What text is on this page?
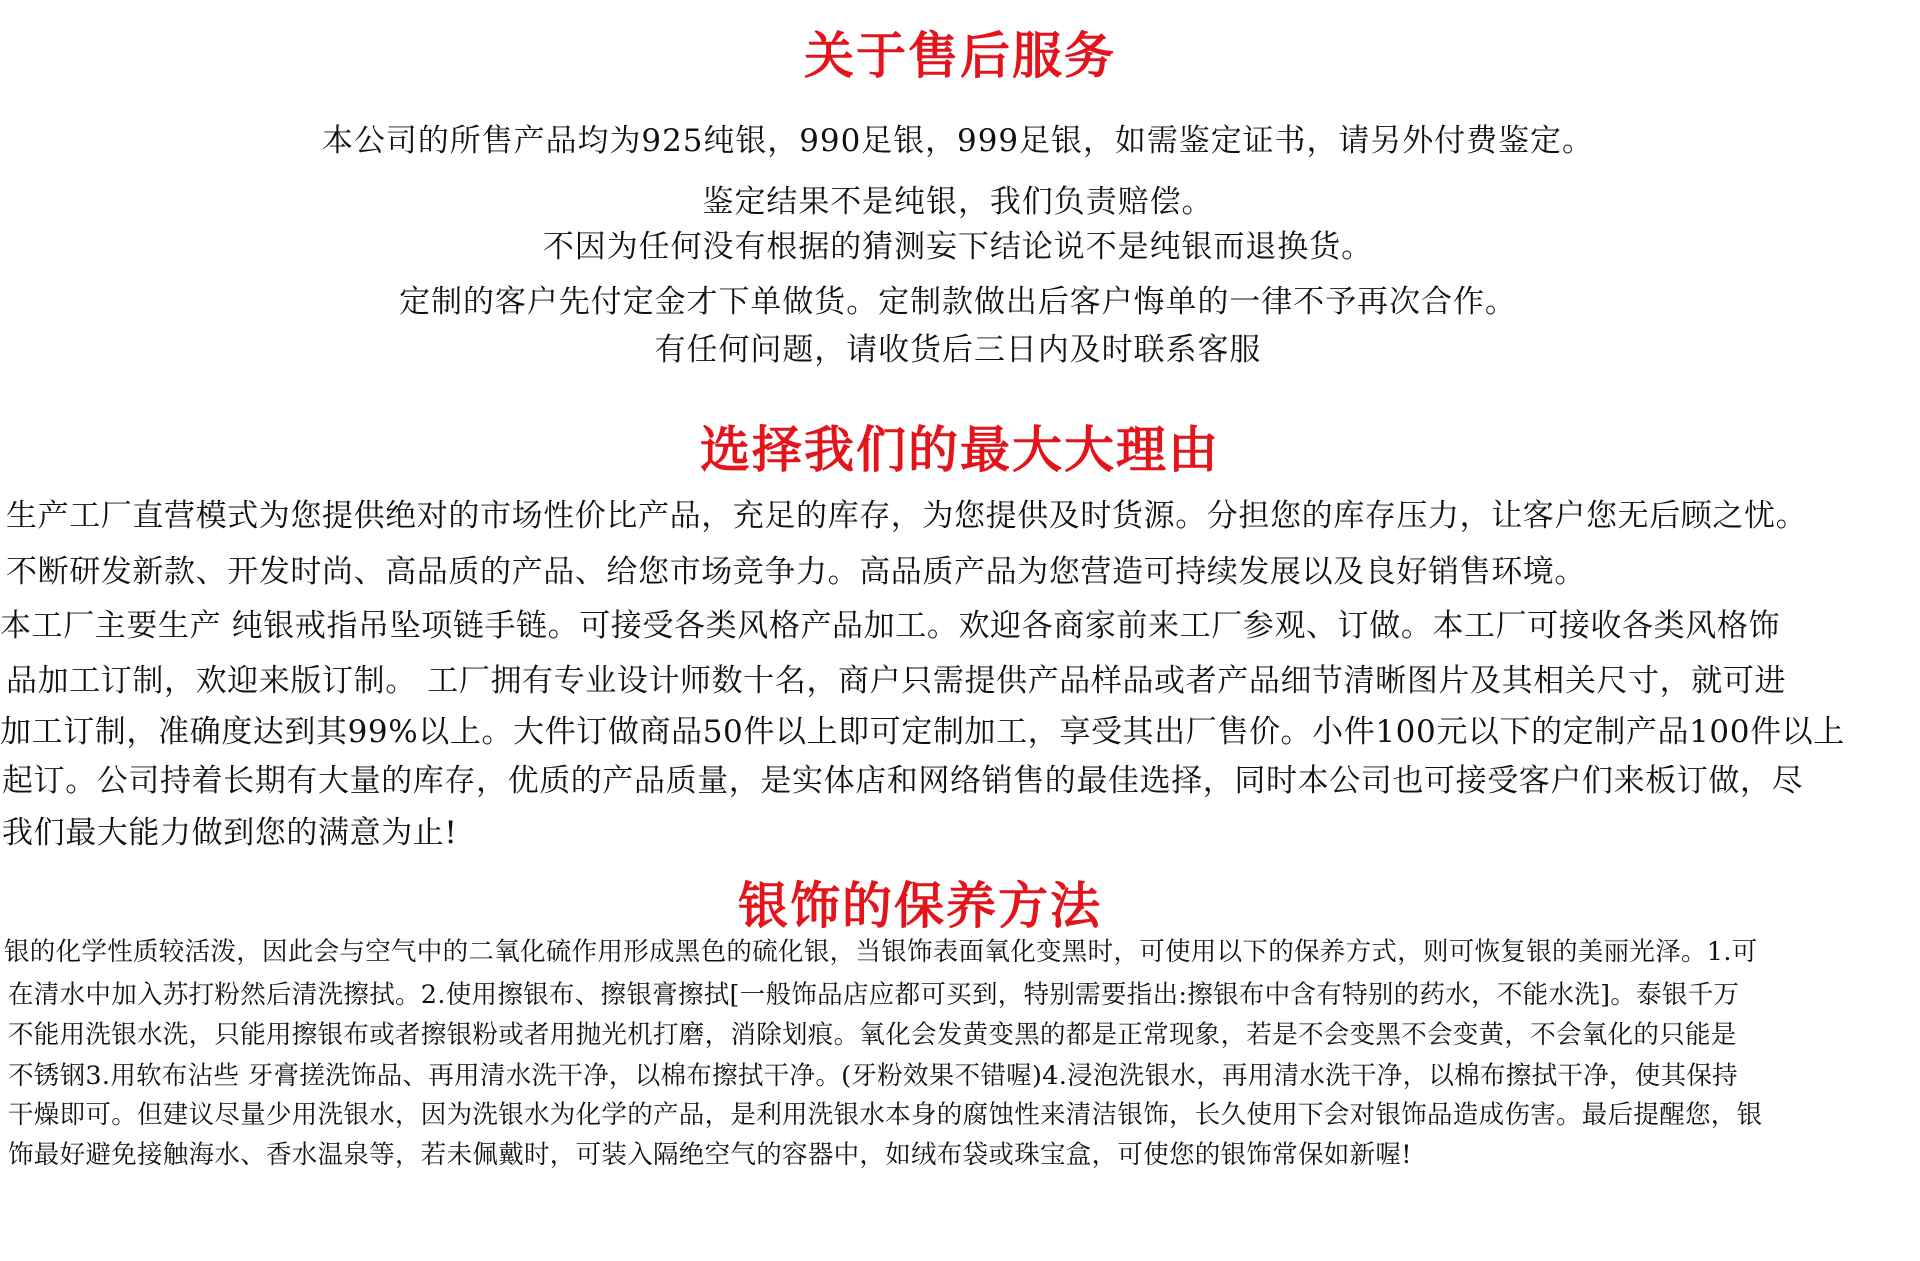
关于售后服务
本公司的所售产品均为925纯银，990足银，999足银，如需鉴定证书，请另外付费鉴定。
鉴定结果不是纯银，我们负责赔偿。
不因为任何没有根据的猜测妄下结论说不是纯银而退换货。
定制的客户先付定金才下单做货。定制款做出后客户悔单的一律不予再次合作。
有任何问题，请收货后三日内及时联系客服
选择我们的最大大理由
生产工厂直营模式为您提供绝对的市场性价比产品，充足的库存，为您提供及时货源。分担您的库存压力，让客户您无后顾之忧。
不断研发新款、开发时尚、高品质的产品、给您市场竞争力。高品质产品为您营造可持续发展以及良好销售环境。
本工厂主要生产 纯银戒指吊坠项链手链。可接受各类风格产品加工。欢迎各商家前来工厂参观、订做。本工厂可接收各类风格饰
品加工订制，欢迎来版订制。 工厂拥有专业设计师数十名，商户只需提供产品样品或者产品细节清晰图片及其相关尺寸，就可进
加工订制，准确度达到其99%以上。大件订做商品50件以上即可定制加工，享受其出厂售价。小件100元以下的定制产品100件以上
起订。公司持着长期有大量的库存，优质的产品质量，是实体店和网络销售的最佳选择，同时本公司也可接受客户们来板订做，尽
我们最大能力做到您的满意为止!
银饰的保养方法
银的化学性质较活泼，因此会与空气中的二氧化硫作用形成黑色的硫化银，当银饰表面氧化变黑时，可使用以下的保养方式，则可恢复银的美丽光泽。1.可
在清水中加入苏打粉然后清洗擦拭。2.使用擦银布、擦银膏擦拭[一般饰品店应都可买到，特别需要指出:擦银布中含有特别的药水，不能水洗]。泰银千万
不能用洗银水洗，只能用擦银布或者擦银粉或者用抛光机打磨，消除划痕。氧化会发黄变黑的都是正常现象，若是不会变黑不会变黄，不会氧化的只能是
不锈钢3.用软布沾些 牙膏搓洗饰品、再用清水洗干净，以棉布擦拭干净。(牙粉效果不错喔)4.浸泡洗银水，再用清水洗干净，以棉布擦拭干净，使其保持
干燥即可。但建议尽量少用洗银水，因为洗银水为化学的产品，是利用洗银水本身的腐蚀性来清洁银饰，长久使用下会对银饰品造成伤害。最后提醒您，银
饰最好避免接触海水、香水温泉等，若未佩戴时，可装入隔绝空气的容器中，如绒布袋或珠宝盒，可使您的银饰常保如新喔!
